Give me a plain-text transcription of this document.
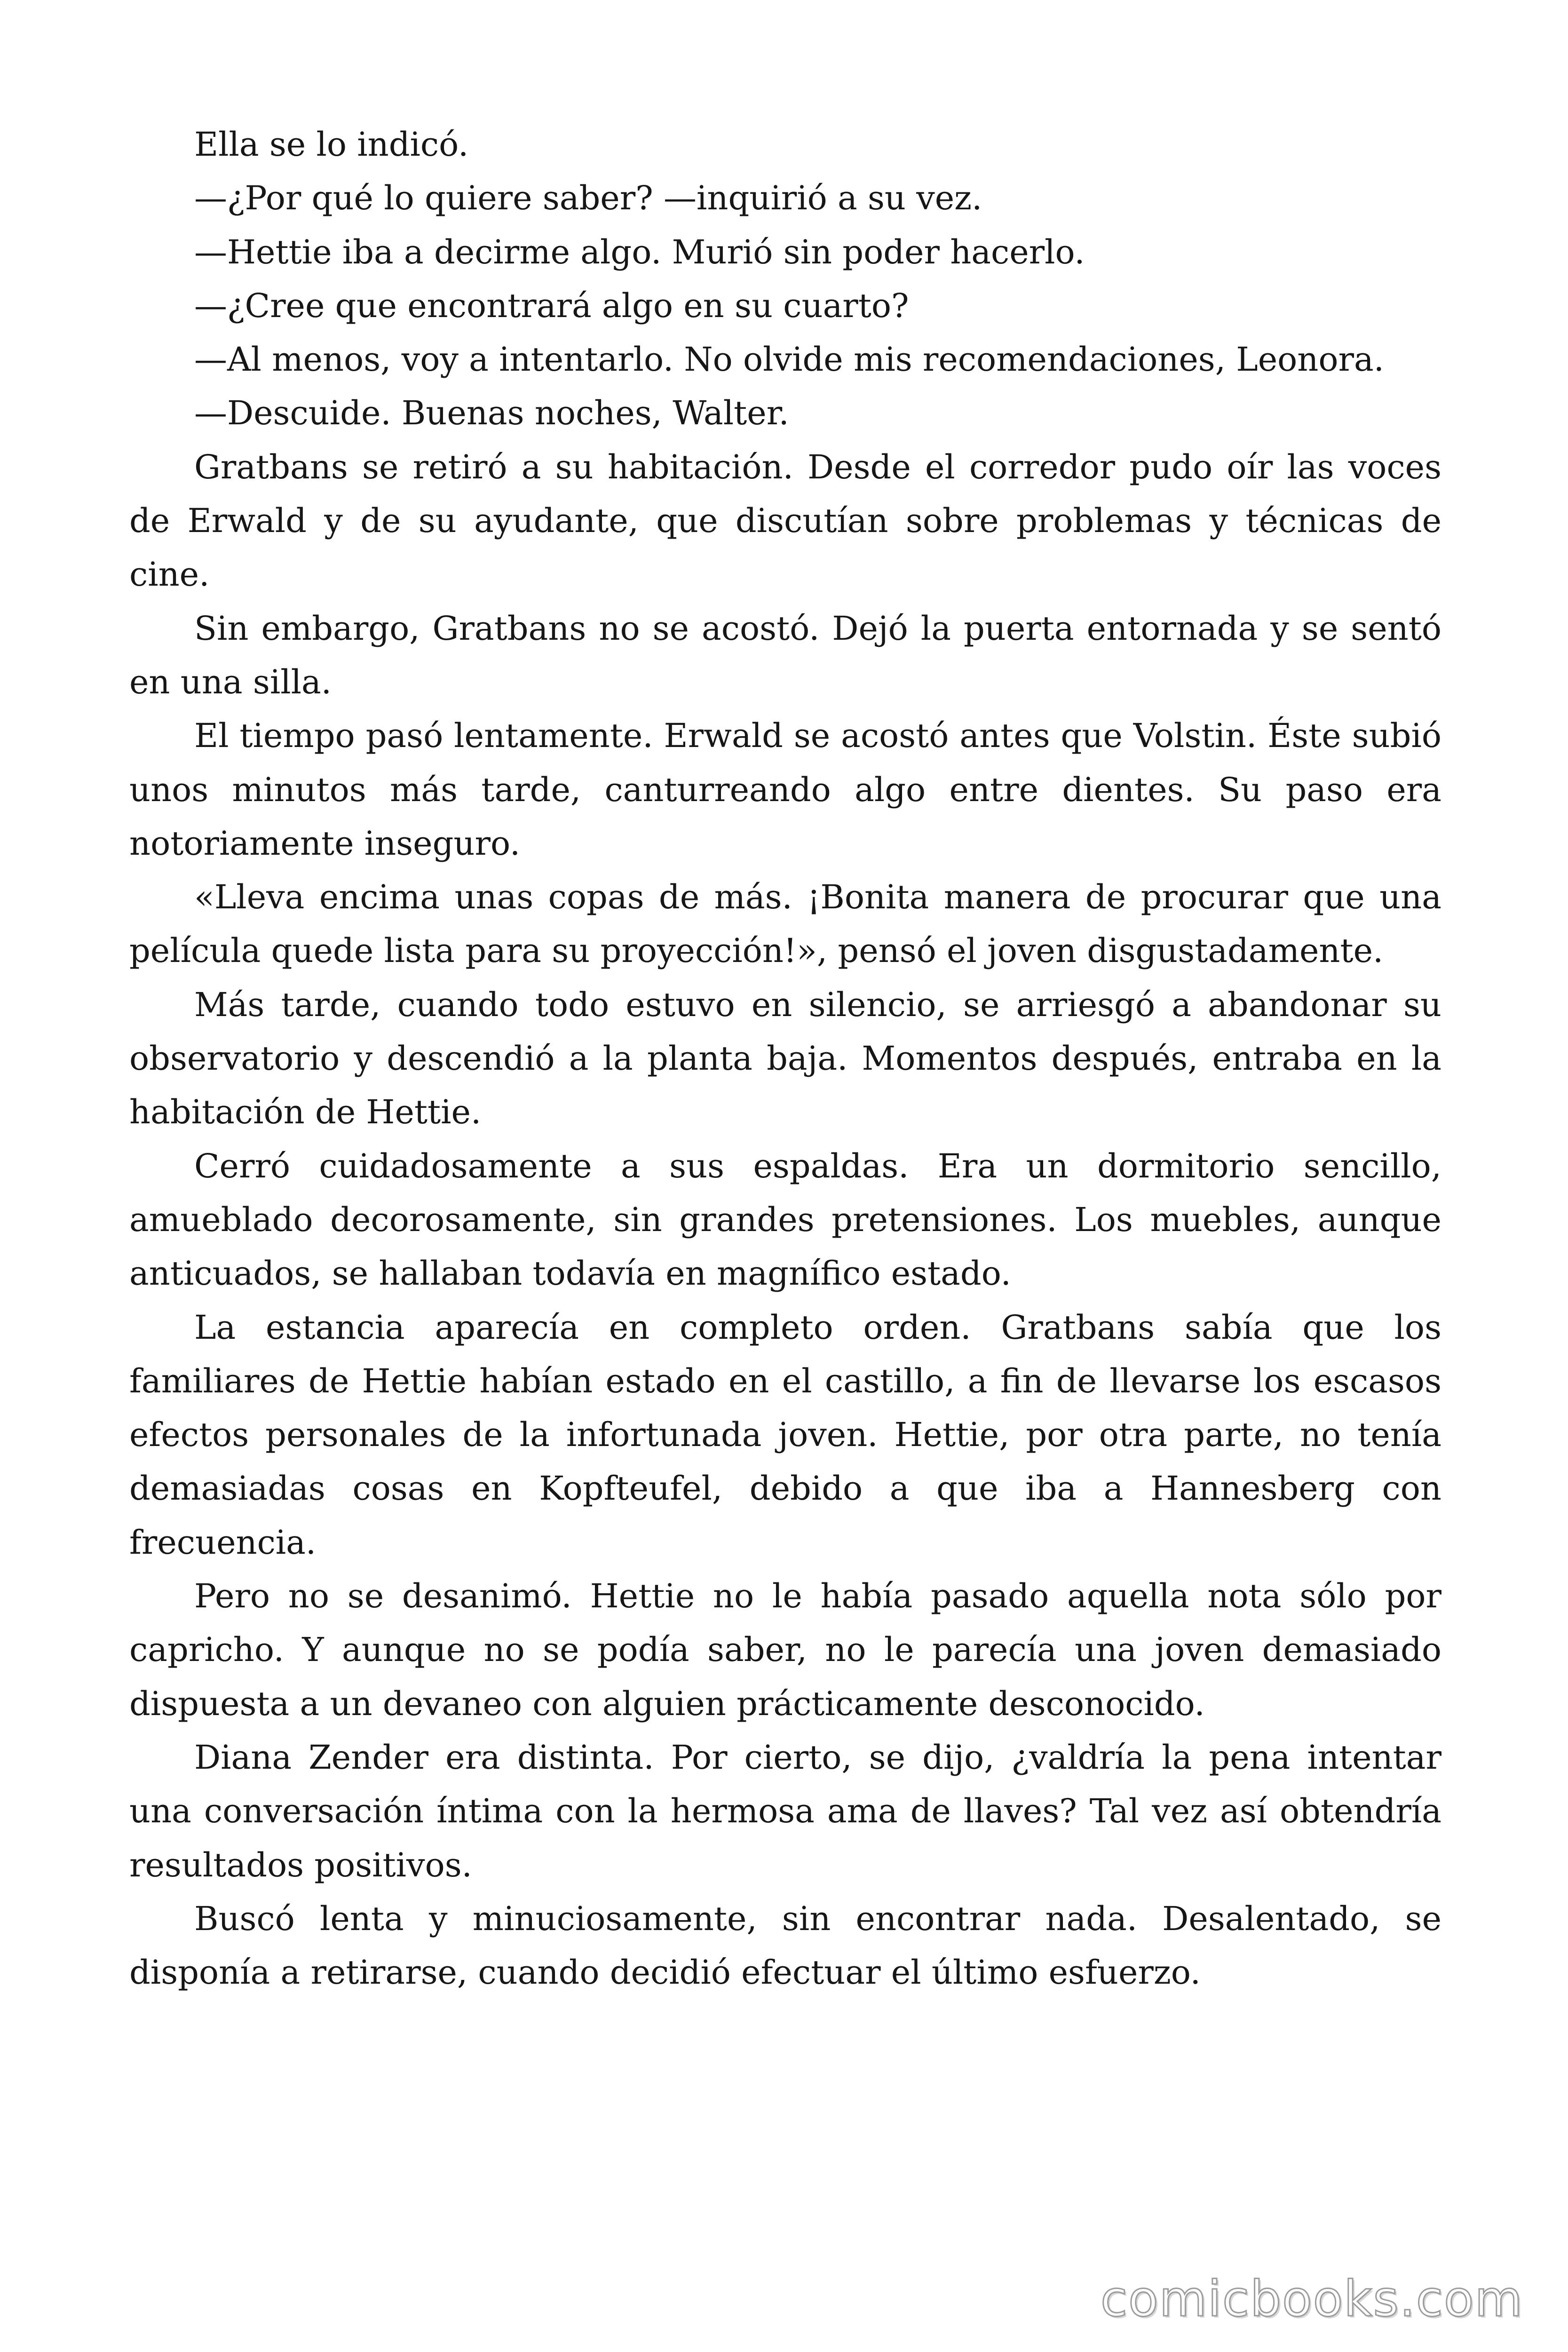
Ella se lo indicó.

—¿Por qué lo quiere saber? —inquirió a su vez.

—Hettie iba a decirme algo. Murió sin poder hacerlo.

—¿Cree que encontrará algo en su cuarto?

—Al menos, voy a intentarlo. No olvide mis recomendaciones, Leonora.

—Descuide. Buenas noches, Walter.

Gratbans se retiró a su habitación. Desde el corredor pudo oír las voces de Erwald y de su ayudante, que discutían sobre problemas y técnicas de cine.

Sin embargo, Gratbans no se acostó. Dejó la puerta entornada y se sentó en una silla.

El tiempo pasó lentamente. Erwald se acostó antes que Volstin. Éste subió unos minutos más tarde, canturreando algo entre dientes. Su paso era notoriamente inseguro.

«Lleva encima unas copas de más. ¡Bonita manera de procurar que una película quede lista para su proyección!», pensó el joven disgustadamente.

Más tarde, cuando todo estuvo en silencio, se arriesgó a abandonar su observatorio y descendió a la planta baja. Momentos después, entraba en la habitación de Hettie.

Cerró cuidadosamente a sus espaldas. Era un dormitorio sencillo, amueblado decorosamente, sin grandes pretensiones. Los muebles, aunque anticuados, se hallaban todavía en magnífico estado.

La estancia aparecía en completo orden. Gratbans sabía que los familiares de Hettie habían estado en el castillo, a fin de llevarse los escasos efectos personales de la infortunada joven. Hettie, por otra parte, no tenía demasiadas cosas en Kopfteufel, debido a que iba a Hannesberg con frecuencia.

Pero no se desanimó. Hettie no le había pasado aquella nota sólo por capricho. Y aunque no se podía saber, no le parecía una joven demasiado dispuesta a un devaneo con alguien prácticamente desconocido.

Diana Zender era distinta. Por cierto, se dijo, ¿valdría la pena intentar una conversación íntima con la hermosa ama de llaves? Tal vez así obtendría resultados positivos.

Buscó lenta y minuciosamente, sin encontrar nada. Desalentado, se disponía a retirarse, cuando decidió efectuar el último esfuerzo.

comicbooks.com
